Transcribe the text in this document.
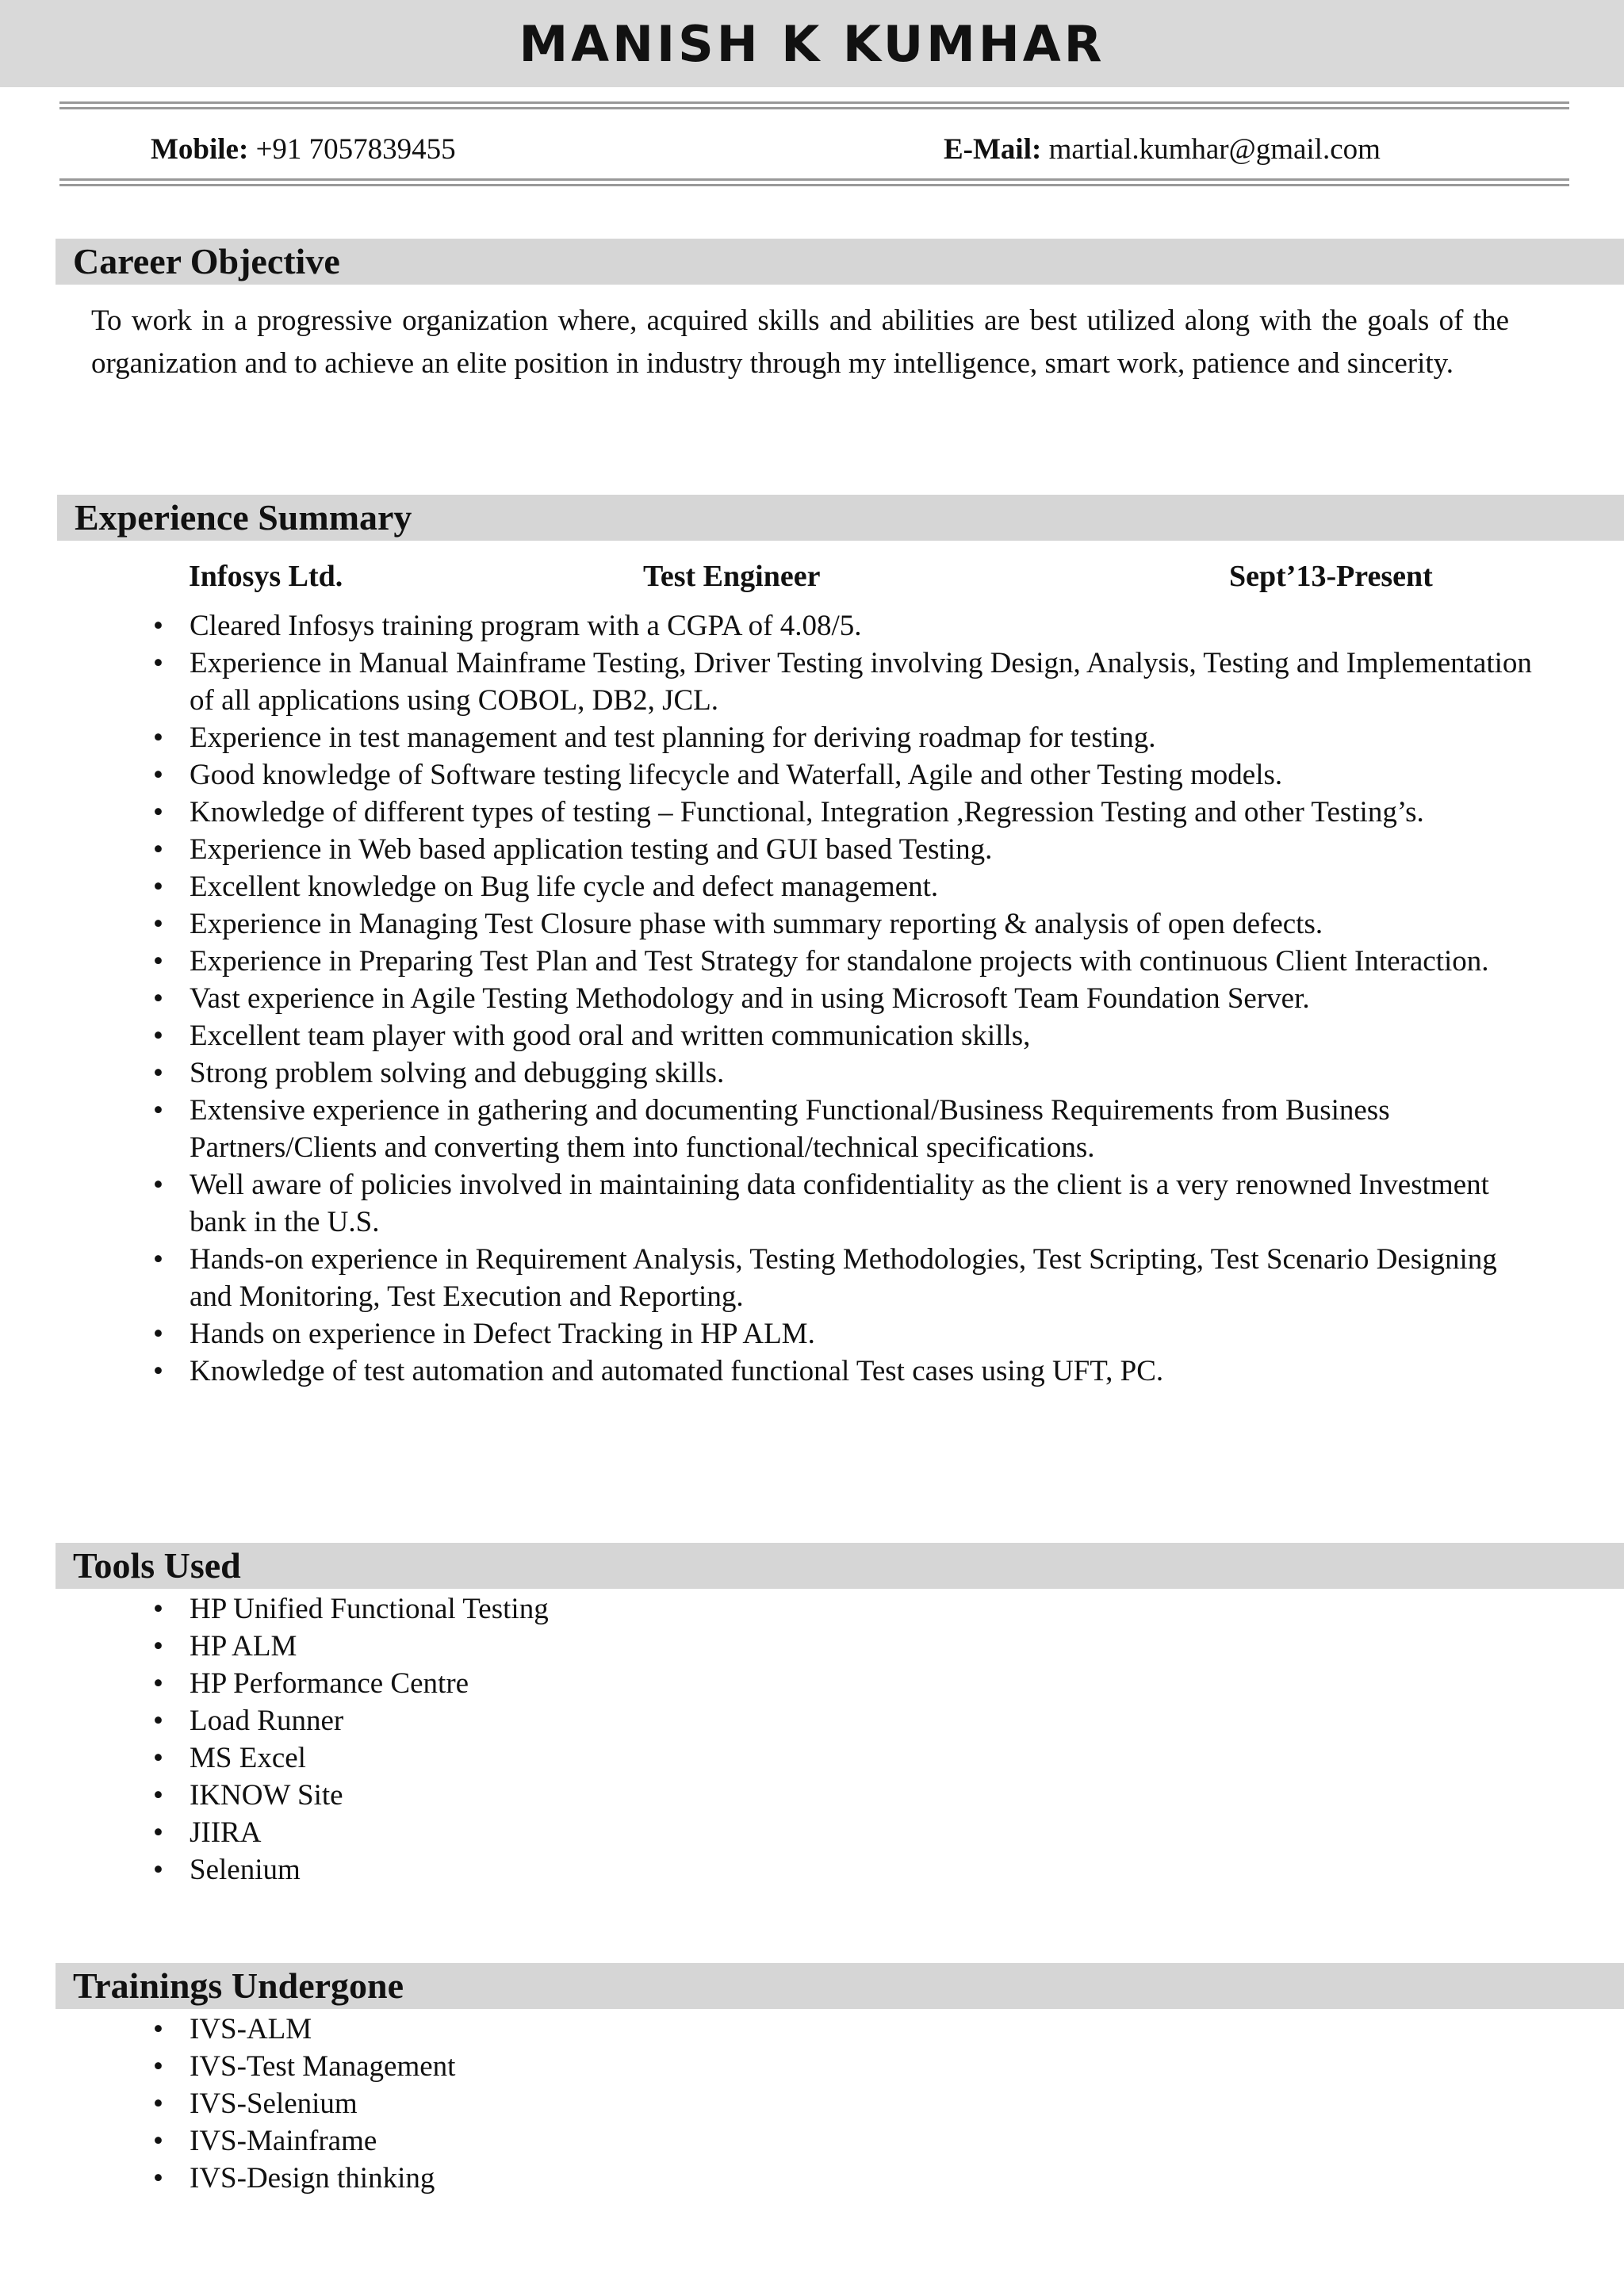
MANISH K KUMHAR
Mobile: +91 7057839455	E-Mail: martial.kumhar@gmail.com
Career Objective
To work in a progressive organization where, acquired skills and abilities are best utilized along with the goals of the organization and to achieve an elite position in industry through my intelligence, smart work, patience and sincerity.
Experience Summary
Infosys Ltd.	Test Engineer	Sept’13-Present
• Cleared Infosys training program with a CGPA of 4.08/5.
• Experience in Manual Mainframe Testing, Driver Testing involving Design, Analysis, Testing and Implementation of all applications using COBOL, DB2, JCL.
• Experience in test management and test planning for deriving roadmap for testing.
• Good knowledge of Software testing lifecycle and Waterfall, Agile and other Testing models.
• Knowledge of different types of testing – Functional, Integration ,Regression Testing and other Testing’s.
• Experience in Web based application testing and GUI based Testing.
• Excellent knowledge on Bug life cycle and defect management.
• Experience in Managing Test Closure phase with summary reporting & analysis of open defects.
• Experience in Preparing Test Plan and Test Strategy for standalone projects with continuous Client Interaction.
• Vast experience in Agile Testing Methodology and in using Microsoft Team Foundation Server.
• Excellent team player with good oral and written communication skills,
• Strong problem solving and debugging skills.
• Extensive experience in gathering and documenting Functional/Business Requirements from Business Partners/Clients and converting them into functional/technical specifications.
• Well aware of policies involved in maintaining data confidentiality as the client is a very renowned Investment bank in the U.S.
• Hands-on experience in Requirement Analysis, Testing Methodologies, Test Scripting, Test Scenario Designing and Monitoring, Test Execution and Reporting.
• Hands on experience in Defect Tracking in HP ALM.
• Knowledge of test automation and automated functional Test cases using UFT, PC.
Tools Used
• HP Unified Functional Testing
• HP ALM
• HP Performance Centre
• Load Runner
• MS Excel
• IKNOW Site
• JIIRA
• Selenium
Trainings Undergone
• IVS-ALM
• IVS-Test Management
• IVS-Selenium
• IVS-Mainframe
• IVS-Design thinking
